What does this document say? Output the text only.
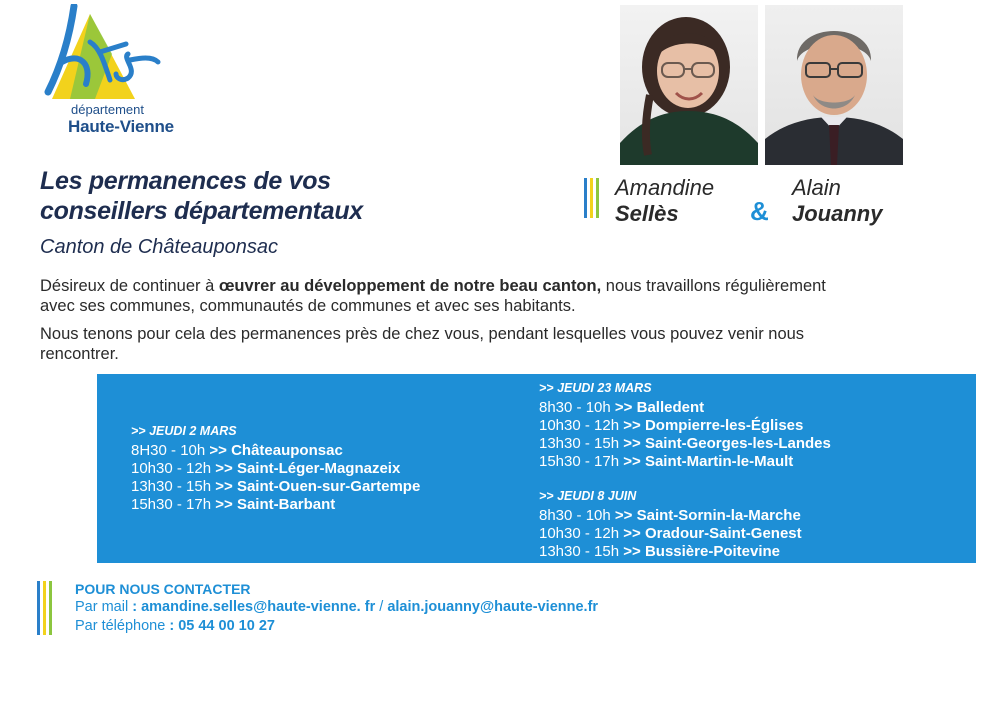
département
Haute-Vienne
Les permanences de vos
conseillers départementaux
Canton de Châteauponsac
Amandine
Sellès	&
Alain
Jouanny
Désireux de continuer à œuvrer au développement de notre beau canton, nous travaillons régulièrement
avec ses communes, communautés de communes et avec ses habitants.
Nous tenons pour cela des permanences près de chez vous, pendant lesquelles vous pouvez venir nous
rencontrer.
>> JEUDI 2 MARS
8H30 - 10h >> Châteauponsac
10h30 - 12h >> Saint-Léger-Magnazeix
13h30 - 15h >> Saint-Ouen-sur-Gartempe
15h30 - 17h >> Saint-Barbant
>> JEUDI 23 MARS
8h30 - 10h >> Balledent
10h30 - 12h >> Dompierre-les-Églises
13h30 - 15h >> Saint-Georges-les-Landes
15h30 - 17h >> Saint-Martin-le-Mault
>> JEUDI 8 JUIN
8h30 - 10h >> Saint-Sornin-la-Marche
10h30 - 12h >> Oradour-Saint-Genest
13h30 - 15h >> Bussière-Poitevine
POUR NOUS CONTACTER
Par mail : amandine.selles@haute-vienne. fr / alain.jouanny@haute-vienne.fr
Par téléphone : 05 44 00 10 27
